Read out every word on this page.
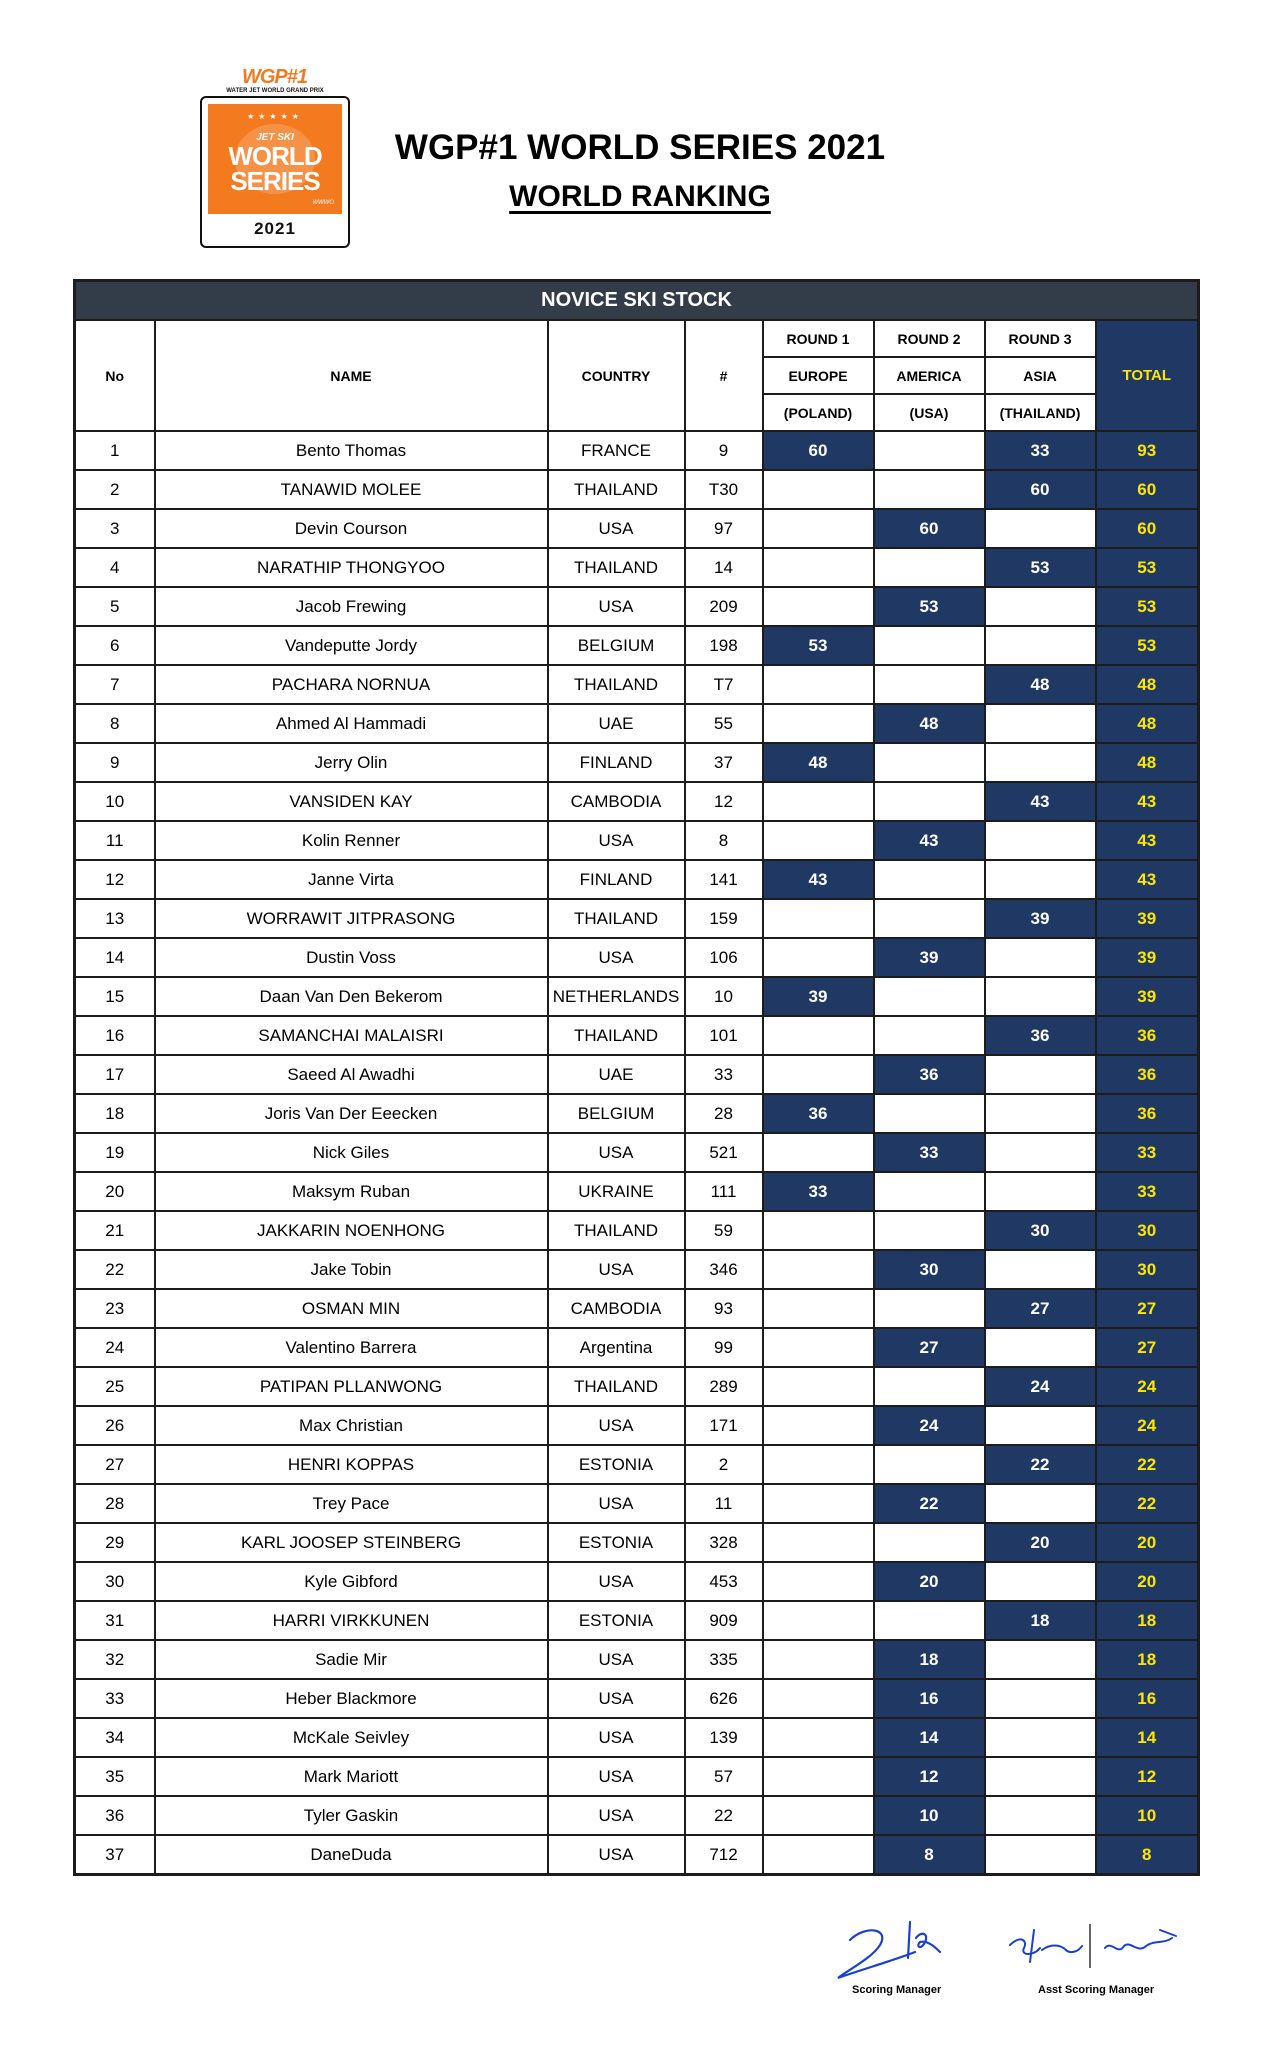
WGP#1
WATER JET WORLD GRAND PRIX
★★★★★
JET SKI
WORLD SERIES
WWWO
2021
WGP#1 WORLD SERIES 2021
WORLD RANKING
NOVICE SKI STOCK							
No	NAME	COUNTRY	#	ROUND 1	ROUND 2	ROUND 3	TOTAL
				EUROPE	AMERICA	ASIA	
				(POLAND)	(USA)	(THAILAND)	
1	Bento Thomas	FRANCE	9	60		33	93
2	TANAWID MOLEE	THAILAND	T30			60	60
3	Devin Courson	USA	97		60		60
4	NARATHIP THONGYOO	THAILAND	14			53	53
5	Jacob Frewing	USA	209		53		53
6	Vandeputte Jordy	BELGIUM	198	53			53
7	PACHARA NORNUA	THAILAND	T7			48	48
8	Ahmed Al Hammadi	UAE	55		48		48
9	Jerry Olin	FINLAND	37	48			48
10	VANSIDEN KAY	CAMBODIA	12			43	43
11	Kolin Renner	USA	8		43		43
12	Janne Virta	FINLAND	141	43			43
13	WORRAWIT JITPRASONG	THAILAND	159			39	39
14	Dustin Voss	USA	106		39		39
15	Daan Van Den Bekerom	NETHERLANDS	10	39			39
16	SAMANCHAI MALAISRI	THAILAND	101			36	36
17	Saeed Al Awadhi	UAE	33		36		36
18	Joris Van Der Eeecken	BELGIUM	28	36			36
19	Nick Giles	USA	521		33		33
20	Maksym Ruban	UKRAINE	111	33			33
21	JAKKARIN NOENHONG	THAILAND	59			30	30
22	Jake Tobin	USA	346		30		30
23	OSMAN MIN	CAMBODIA	93			27	27
24	Valentino Barrera	Argentina	99		27		27
25	PATIPAN PLLANWONG	THAILAND	289			24	24
26	Max Christian	USA	171		24		24
27	HENRI KOPPAS	ESTONIA	2			22	22
28	Trey Pace	USA	11		22		22
29	KARL JOOSEP STEINBERG	ESTONIA	328			20	20
30	Kyle Gibford	USA	453		20		20
31	HARRI VIRKKUNEN	ESTONIA	909			18	18
32	Sadie Mir	USA	335		18		18
33	Heber Blackmore	USA	626		16		16
34	McKale Seivley	USA	139		14		14
35	Mark Mariott	USA	57		12		12
36	Tyler Gaskin	USA	22		10		10
37	DaneDuda	USA	712		8		8
Scoring Manager	Asst Scoring Manager
